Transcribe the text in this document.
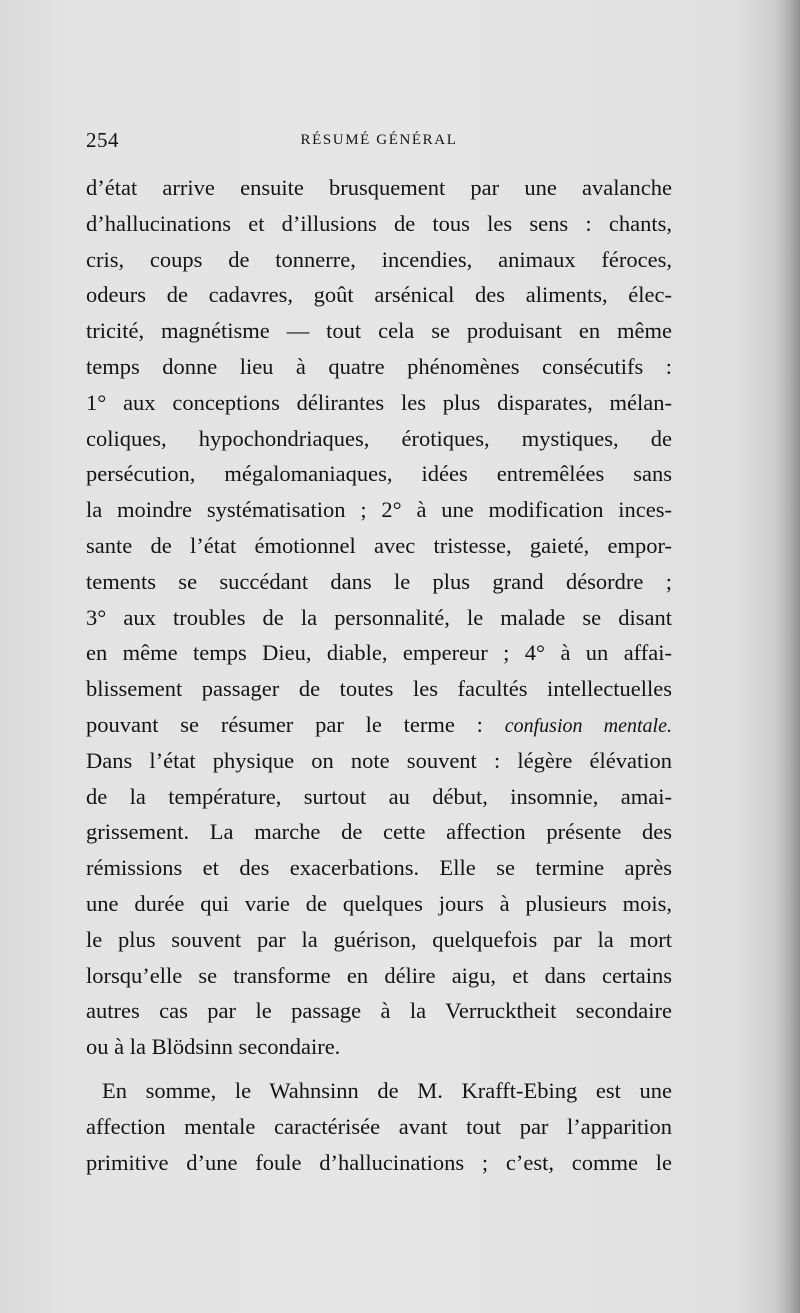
254	RÉSUMÉ GÉNÉRAL
d’état arrive ensuite brusquement par une avalanche
d’hallucinations et d’illusions de tous les sens : chants,
cris, coups de tonnerre, incendies, animaux féroces,
odeurs de cadavres, goût arsénical des aliments, élec-
tricité, magnétisme — tout cela se produisant en même
temps donne lieu à quatre phénomènes consécutifs :
1° aux conceptions délirantes les plus disparates, mélan-
coliques, hypochondriaques, érotiques, mystiques, de
persécution, mégalomaniaques, idées entremêlées sans
la moindre systématisation ; 2° à une modification inces-
sante de l’état émotionnel avec tristesse, gaieté, empor-
tements se succédant dans le plus grand désordre ;
3° aux troubles de la personnalité, le malade se disant
en même temps Dieu, diable, empereur ; 4° à un affai-
blissement passager de toutes les facultés intellectuelles
pouvant se résumer par le terme : confusion mentale.
Dans l’état physique on note souvent : légère élévation
de la température, surtout au début, insomnie, amai-
grissement. La marche de cette affection présente des
rémissions et des exacerbations. Elle se termine après
une durée qui varie de quelques jours à plusieurs mois,
le plus souvent par la guérison, quelquefois par la mort
lorsqu’elle se transforme en délire aigu, et dans certains
autres cas par le passage à la Verrucktheit secondaire
ou à la Blödsinn secondaire.
En somme, le Wahnsinn de M. Krafft-Ebing est une
affection mentale caractérisée avant tout par l’apparition
primitive d’une foule d’hallucinations ; c’est, comme le
